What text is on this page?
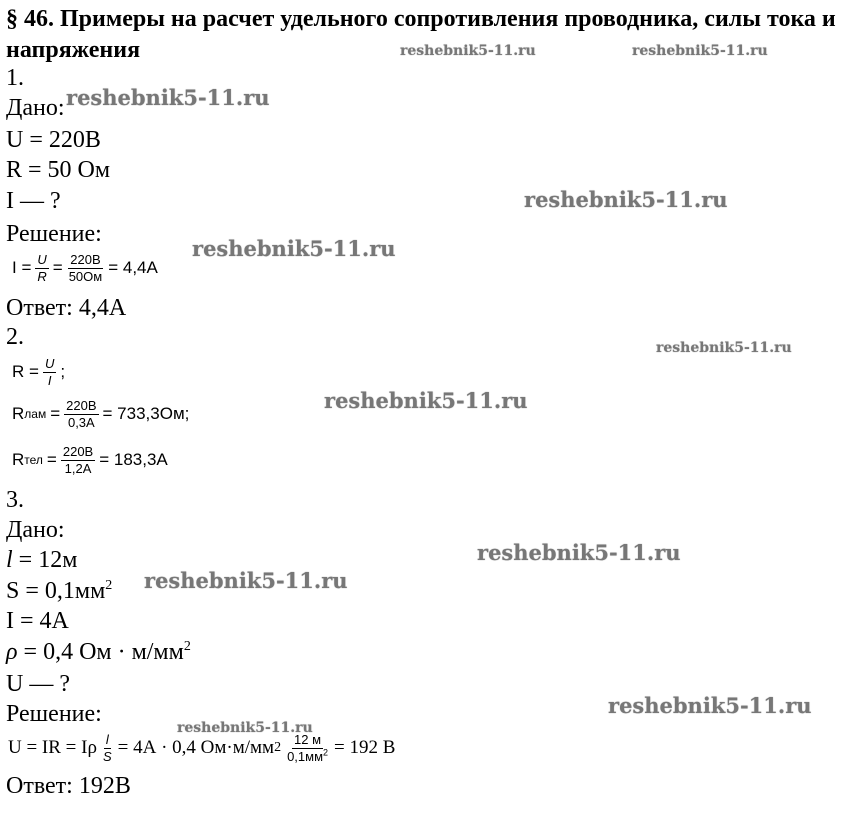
§ 46. Примеры на расчет удельного сопротивления проводника, силы тока и напряжения	reshebnik5-11.ru	reshebnik5-11.ru
reshebnik5-11.ru
reshebnik5-11.ru
reshebnik5-11.ru
reshebnik5-11.ru
reshebnik5-11.ru
reshebnik5-11.ru
reshebnik5-11.ru
reshebnik5-11.ru
reshebnik5-11.ru
1.
Дано:
U = 220В
R = 50 Ом
I — ?
Решение:
$I = \frac{U}{R} = \frac{220В}{50Ом} = 4,4А$
Ответ: 4,4А
2.
$R = \frac{U}{I}$ ;
R лам = $\frac{220В}{0,3А} = 733,3Ом$;
R тел = $\frac{220В}{1,2А} = 183,3А$
3.
Дано:
l = 12м
$S = 0,1мм^2$
I = 4А
ρ = 0,4 Ом · $м/мм^2$
U — ?
Решение:
U = IR = Iρ $\frac{l}{S} = 4А \cdot 0,4$ Ом·м/мм $2 \frac{12 м}{0,1мм^2} = 192$ В
Ответ: 192В
